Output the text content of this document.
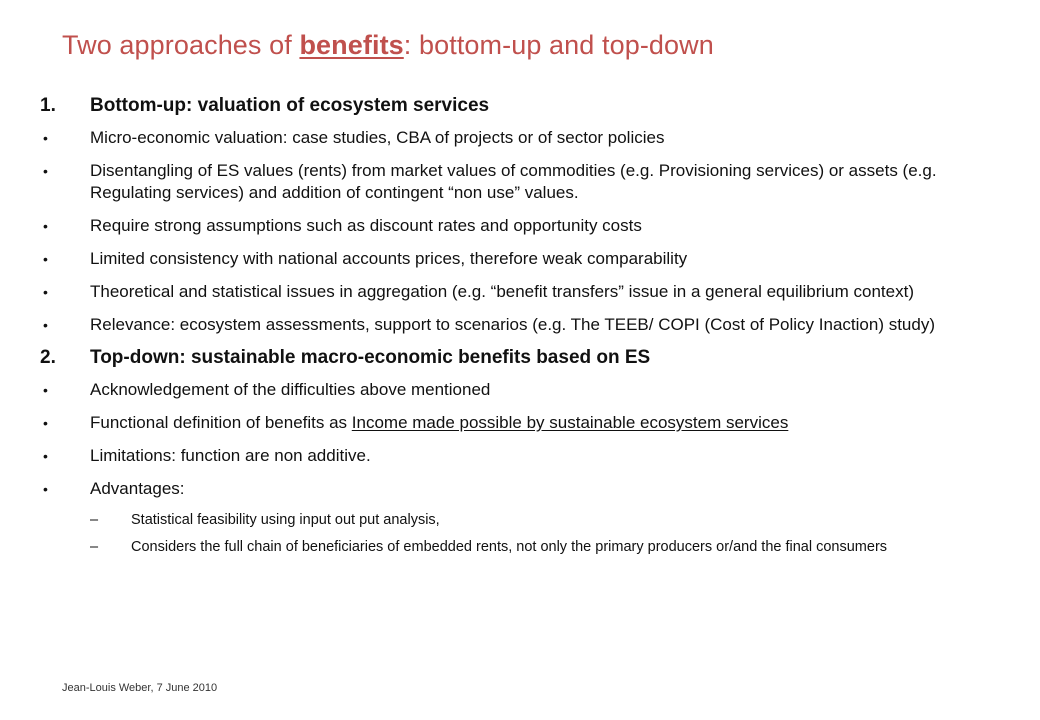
Two approaches of benefits: bottom-up and top-down
1.	Bottom-up: valuation of ecosystem services
•	Micro-economic valuation: case studies, CBA of projects or of sector policies
•	Disentangling of ES values (rents) from market values of commodities (e.g. Provisioning services) or assets (e.g. Regulating services) and addition of contingent “non use” values.
•	Require strong assumptions such as discount rates and opportunity costs
•	Limited consistency with national accounts prices, therefore weak comparability
•	Theoretical and statistical issues in aggregation (e.g. “benefit transfers” issue in a general equilibrium context)
•	Relevance: ecosystem assessments, support to scenarios (e.g. The TEEB/ COPI (Cost of Policy Inaction) study)
2.	Top-down: sustainable macro-economic benefits based on ES
•	Acknowledgement of the difficulties above mentioned
•	Functional definition of benefits as Income made possible by sustainable ecosystem services
•	Limitations: function are non additive.
•	Advantages:
–	Statistical feasibility using input out put analysis,
–	Considers the full chain of beneficiaries of embedded rents, not only the primary producers or/and the final consumers
Jean-Louis Weber, 7 June 2010
